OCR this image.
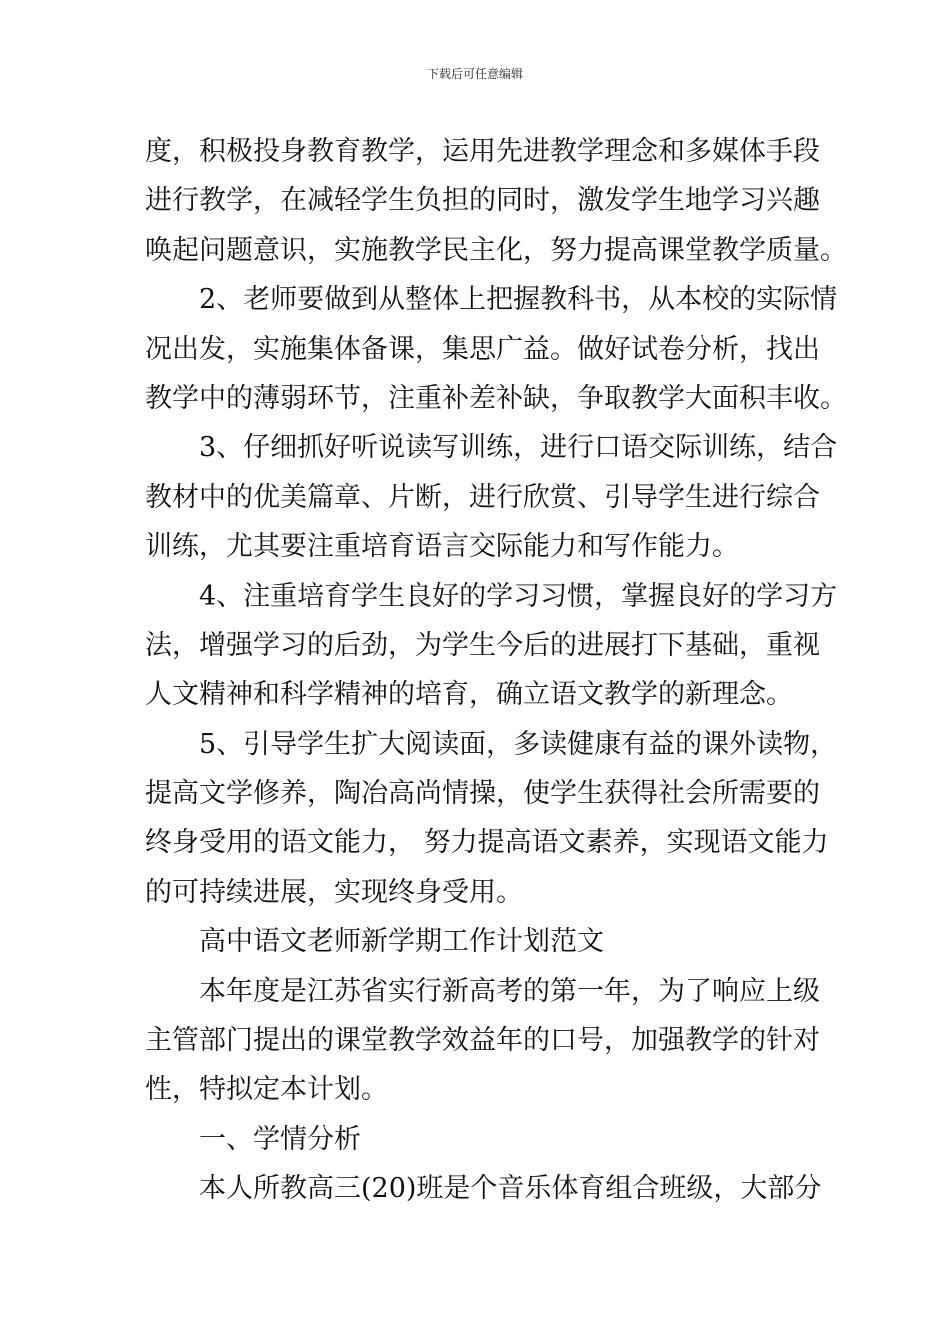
下载后可任意编辑
度，积极投身教育教学，运用先进教学理念和多媒体手段
进行教学，在减轻学生负担的同时，激发学生地学习兴趣
唤起问题意识，实施教学民主化，努力提高课堂教学质量。
2、老师要做到从整体上把握教科书，从本校的实际情
况出发，实施集体备课，集思广益。做好试卷分析，找出
教学中的薄弱环节，注重补差补缺，争取教学大面积丰收。
3、仔细抓好听说读写训练，进行口语交际训练，结合
教材中的优美篇章、片断，进行欣赏、引导学生进行综合
训练，尤其要注重培育语言交际能力和写作能力。
4、注重培育学生良好的学习习惯，掌握良好的学习方
法，增强学习的后劲，为学生今后的进展打下基础，重视
人文精神和科学精神的培育，确立语文教学的新理念。
5、引导学生扩大阅读面，多读健康有益的课外读物，
提高文学修养，陶冶高尚情操，使学生获得社会所需要的
终身受用的语文能力， 努力提高语文素养，实现语文能力
的可持续进展，实现终身受用。
高中语文老师新学期工作计划范文
本年度是江苏省实行新高考的第一年，为了响应上级
主管部门提出的课堂教学效益年的口号，加强教学的针对
性，特拟定本计划。
一、学情分析
本人所教高三(20)班是个音乐体育组合班级，大部分
